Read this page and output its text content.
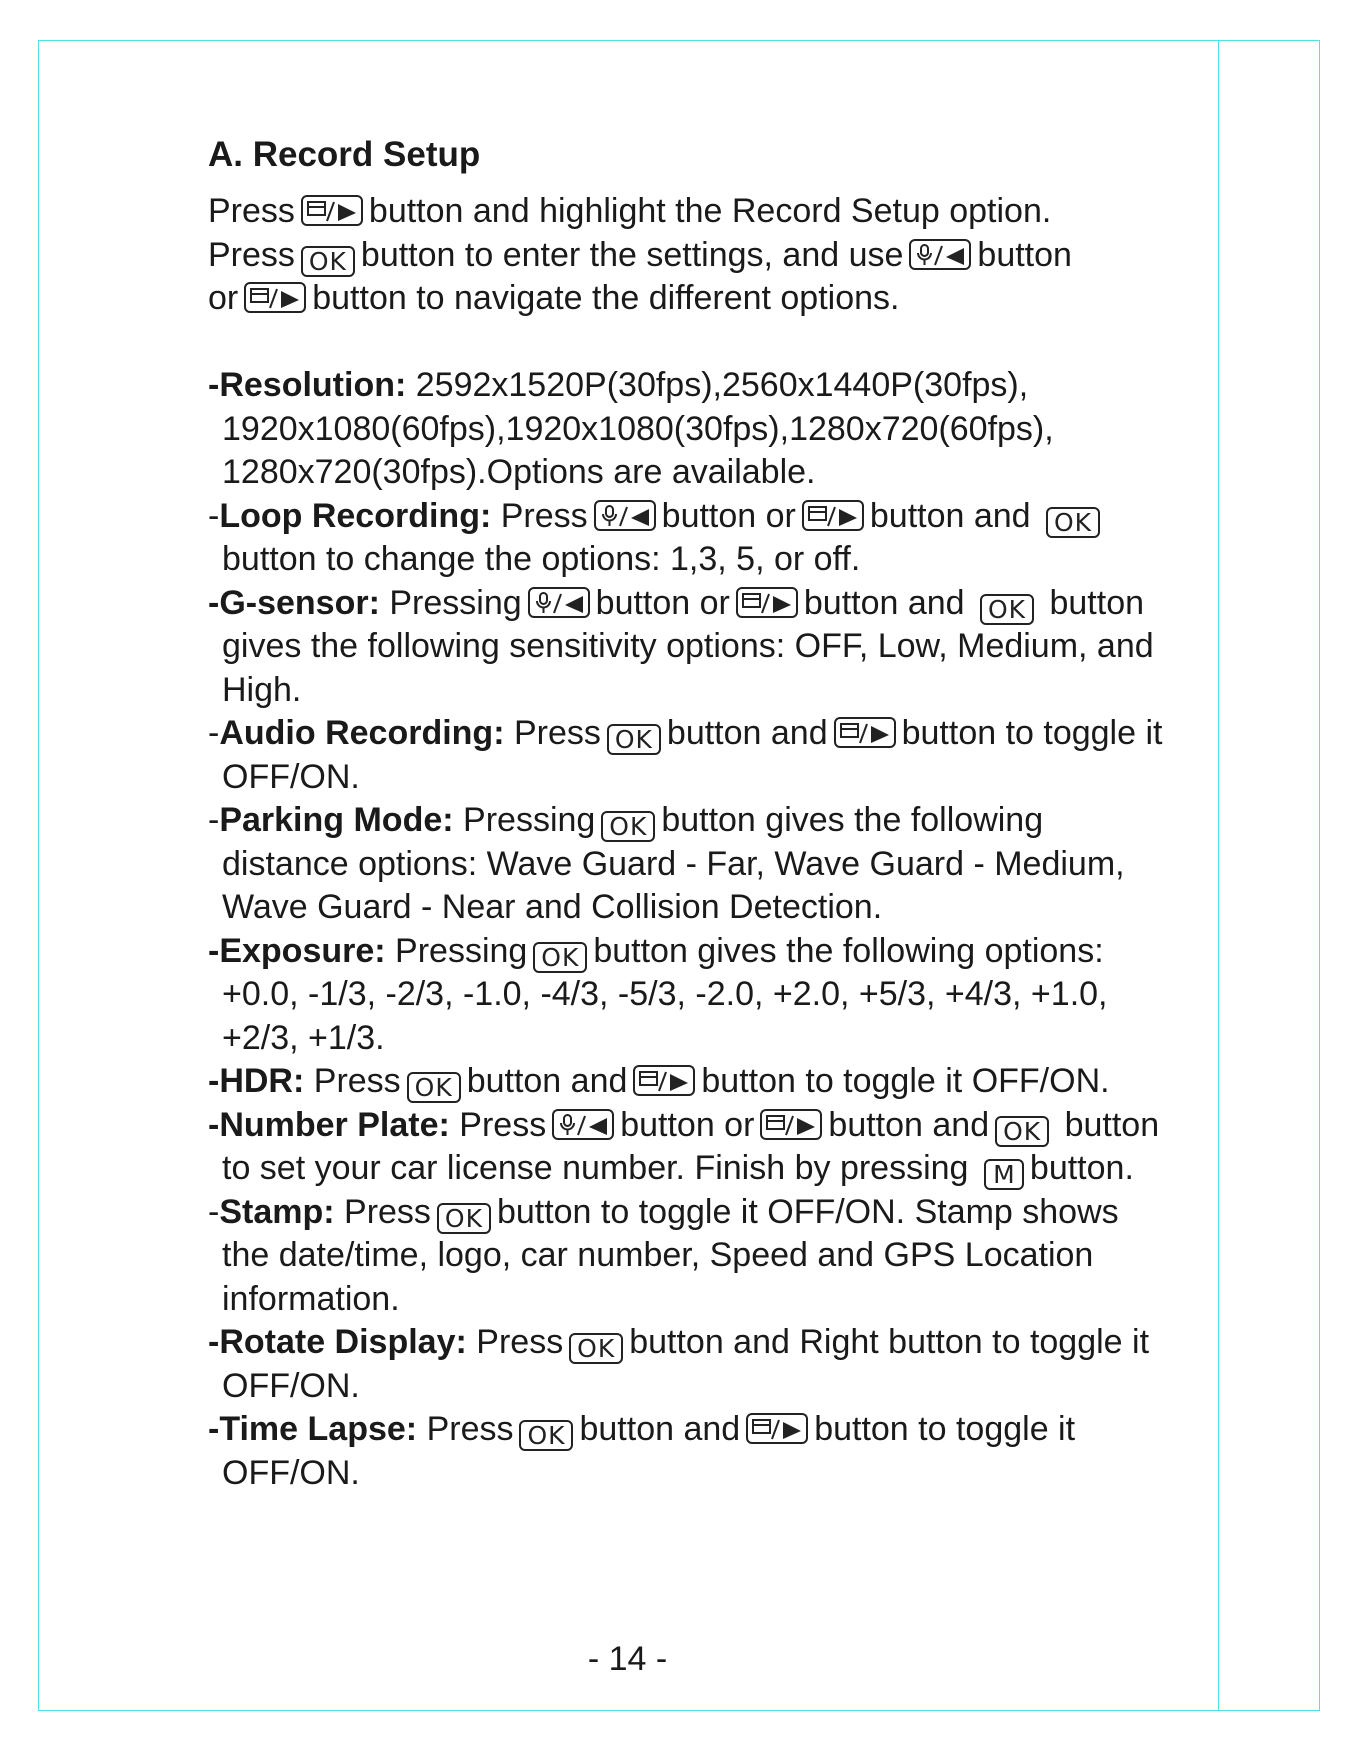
A. Record Setup

Press button and highlight the Record Setup option.

Press OK button to enter the settings, and use button

or button to navigate the different options.

-Resolution: 2592x1520P(30fps),2560x1440P(30fps), 1920x1080(60fps),1920x1080(30fps),1280x720(60fps), 1280x720(30fps).Options are available.

-Loop Recording: Press button or button and OKbutton to change the options: 1,3, 5, or off.

-G-sensor: Pressing button or button and OK button gives the following sensitivity options: OFF, Low, Medium, and High.

-Audio Recording: Press OK button and button to toggle it OFF/ON.

-Parking Mode: Pressing OK button gives the following distance options: Wave Guard - Far, Wave Guard - Medium, Wave Guard - Near and Collision Detection.

-Exposure: Pressing OK button gives the following options: +0.0, -1/3, -2/3, -1.0, -4/3, -5/3, -2.0, +2.0, +5/3, +4/3, +1.0, +2/3, +1/3.

-HDR: Press OK button and button to toggle it OFF/ON.

-Number Plate: Press button or button and OK button to set your car license number. Finish by pressing M button.

-Stamp: Press OK button to toggle it OFF/ON. Stamp shows the date/time, logo, car number, Speed and GPS Location information.

-Rotate Display: Press OK button and Right button to toggle it OFF/ON.

-Time Lapse: Press OK button and button to toggle it OFF/ON.

- 14 -
